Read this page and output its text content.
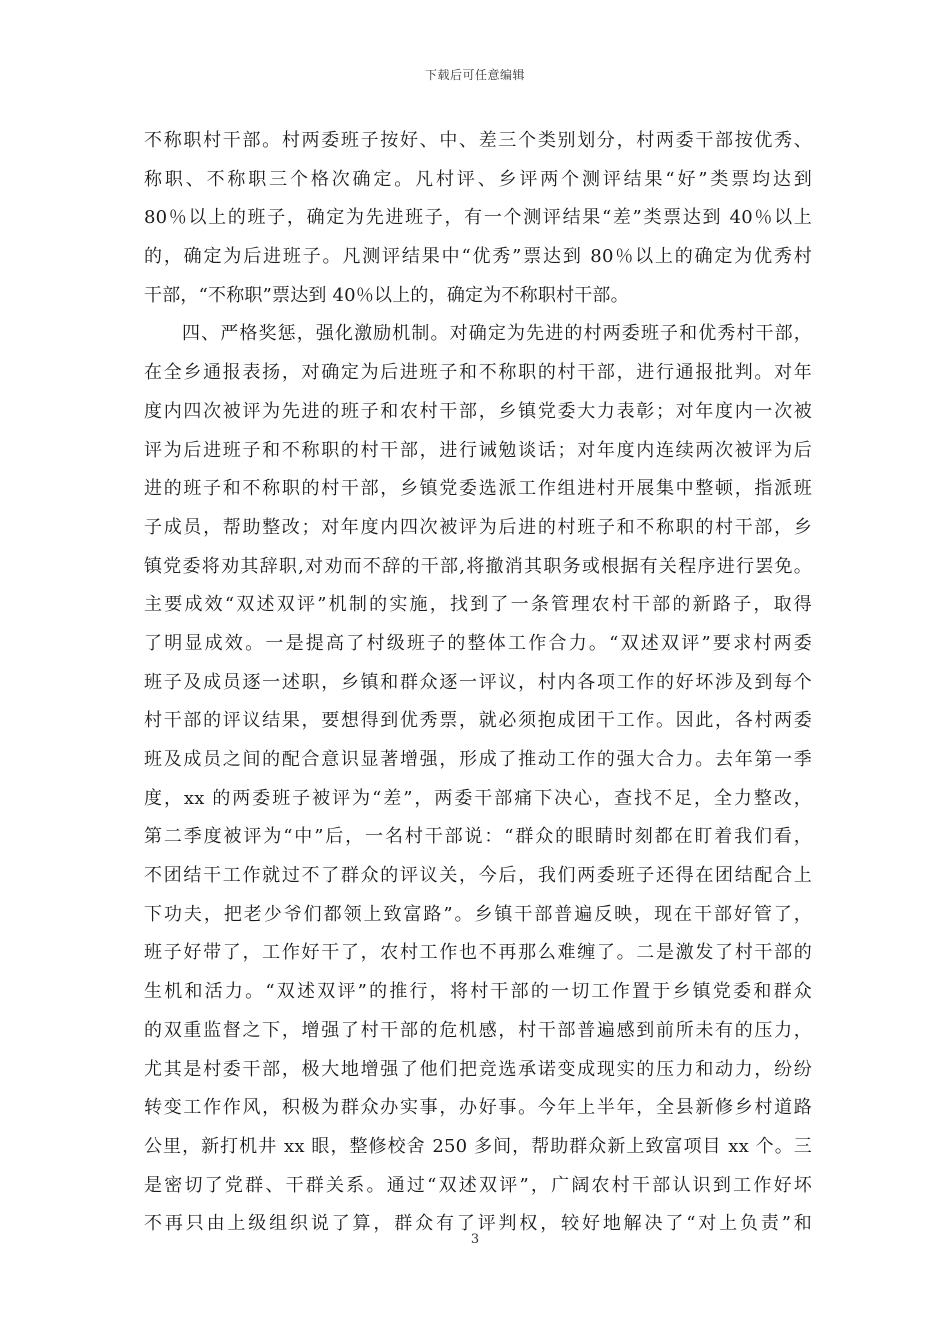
下载后可任意编辑
不称职村干部。村两委班子按好、中、差三个类别划分，村两委干部按优秀、
称职、不称职三个格次确定。凡村评、乡评两个测评结果“好”类票均达到
80％以上的班子，确定为先进班子，有一个测评结果“差”类票达到 40％以上
的，确定为后进班子。凡测评结果中“优秀”票达到 80％以上的确定为优秀村
干部，“不称职”票达到 40％以上的，确定为不称职村干部。
四、严格奖惩，强化激励机制。对确定为先进的村两委班子和优秀村干部，
在全乡通报表扬，对确定为后进班子和不称职的村干部，进行通报批判。对年
度内四次被评为先进的班子和农村干部，乡镇党委大力表彰；对年度内一次被
评为后进班子和不称职的村干部，进行诫勉谈话；对年度内连续两次被评为后
进的班子和不称职的村干部，乡镇党委选派工作组进村开展集中整顿，指派班
子成员，帮助整改；对年度内四次被评为后进的村班子和不称职的村干部，乡
镇党委将劝其辞职,对劝而不辞的干部,将撤消其职务或根据有关程序进行罢免。
主要成效“双述双评”机制的实施，找到了一条管理农村干部的新路子，取得
了明显成效。一是提高了村级班子的整体工作合力。“双述双评”要求村两委
班子及成员逐一述职，乡镇和群众逐一评议，村内各项工作的好坏涉及到每个
村干部的评议结果，要想得到优秀票，就必须抱成团干工作。因此，各村两委
班及成员之间的配合意识显著增强，形成了推动工作的强大合力。去年第一季
度，xx 的两委班子被评为“差”，两委干部痛下决心，查找不足，全力整改，
第二季度被评为“中”后，一名村干部说：“群众的眼睛时刻都在盯着我们看，
不团结干工作就过不了群众的评议关，今后，我们两委班子还得在团结配合上
下功夫，把老少爷们都领上致富路”。乡镇干部普遍反映，现在干部好管了，
班子好带了，工作好干了，农村工作也不再那么难缠了。二是激发了村干部的
生机和活力。“双述双评”的推行，将村干部的一切工作置于乡镇党委和群众
的双重监督之下，增强了村干部的危机感，村干部普遍感到前所未有的压力，
尤其是村委干部，极大地增强了他们把竞选承诺变成现实的压力和动力，纷纷
转变工作作风，积极为群众办实事，办好事。今年上半年，全县新修乡村道路
公里，新打机井 xx 眼，整修校舍 250 多间，帮助群众新上致富项目 xx 个。三
是密切了党群、干群关系。通过“双述双评”，广阔农村干部认识到工作好坏
不再只由上级组织说了算，群众有了评判权，较好地解决了“对上负责”和
3
